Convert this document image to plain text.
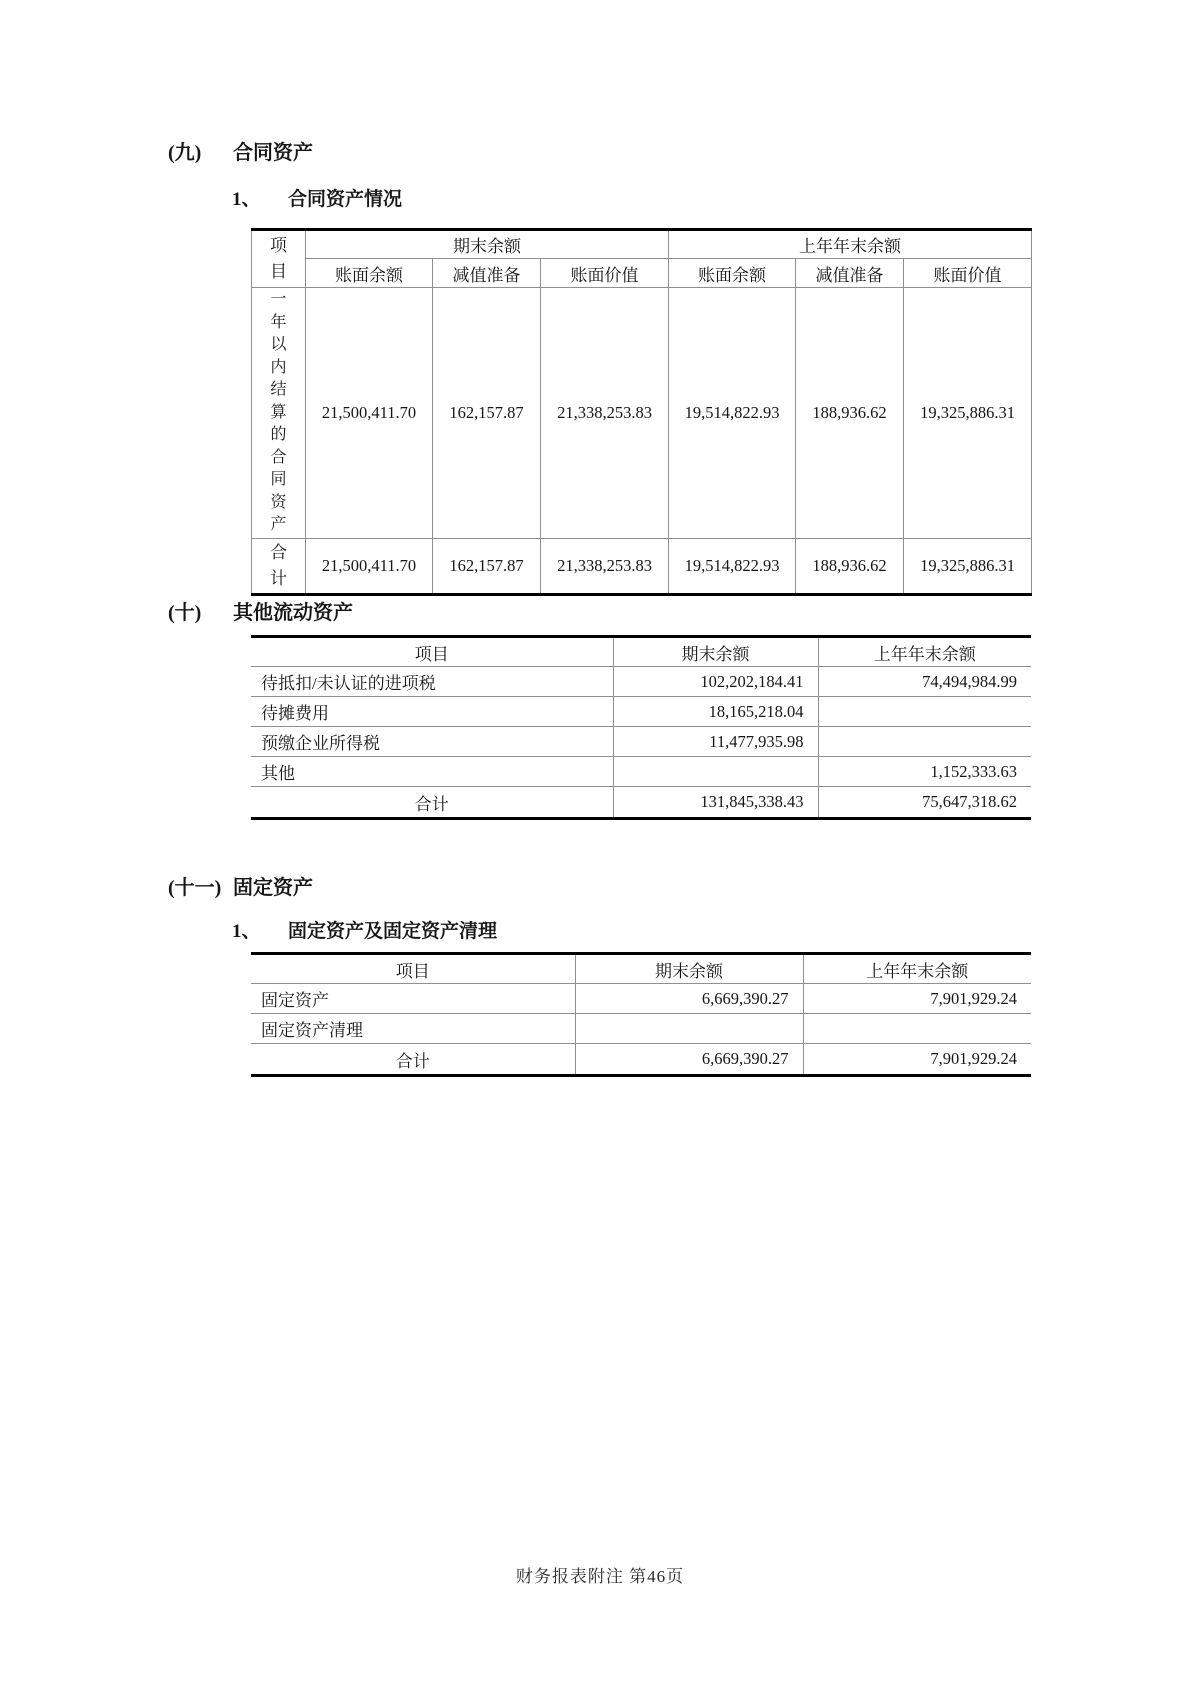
(九)	合同资产
1、	合同资产情况
项目	期末余额			上年年末余额		
	账面余额	减值准备	账面价值	账面余额	减值准备	账面价值

一年以内结算的合同资产	21,500,411.70	162,157.87	21,338,253.83	19,514,822.93	188,936.62	19,325,886.31

合计	21,500,411.70	162,157.87	21,338,253.83	19,514,822.93	188,936.62	19,325,886.31
(十)	其他流动资产
项目	期末余额	上年年末余额
待抵扣/未认证的进项税	102,202,184.41	74,494,984.99
待摊费用	18,165,218.04	
预缴企业所得税	11,477,935.98	
其他		1,152,333.63
合计	131,845,338.43	75,647,318.62
(十一) 固定资产
1、	固定资产及固定资产清理
项目	期末余额	上年年末余额
固定资产	6,669,390.27	7,901,929.24
固定资产清理		
合计	6,669,390.27	7,901,929.24
财务报表附注 第46页
